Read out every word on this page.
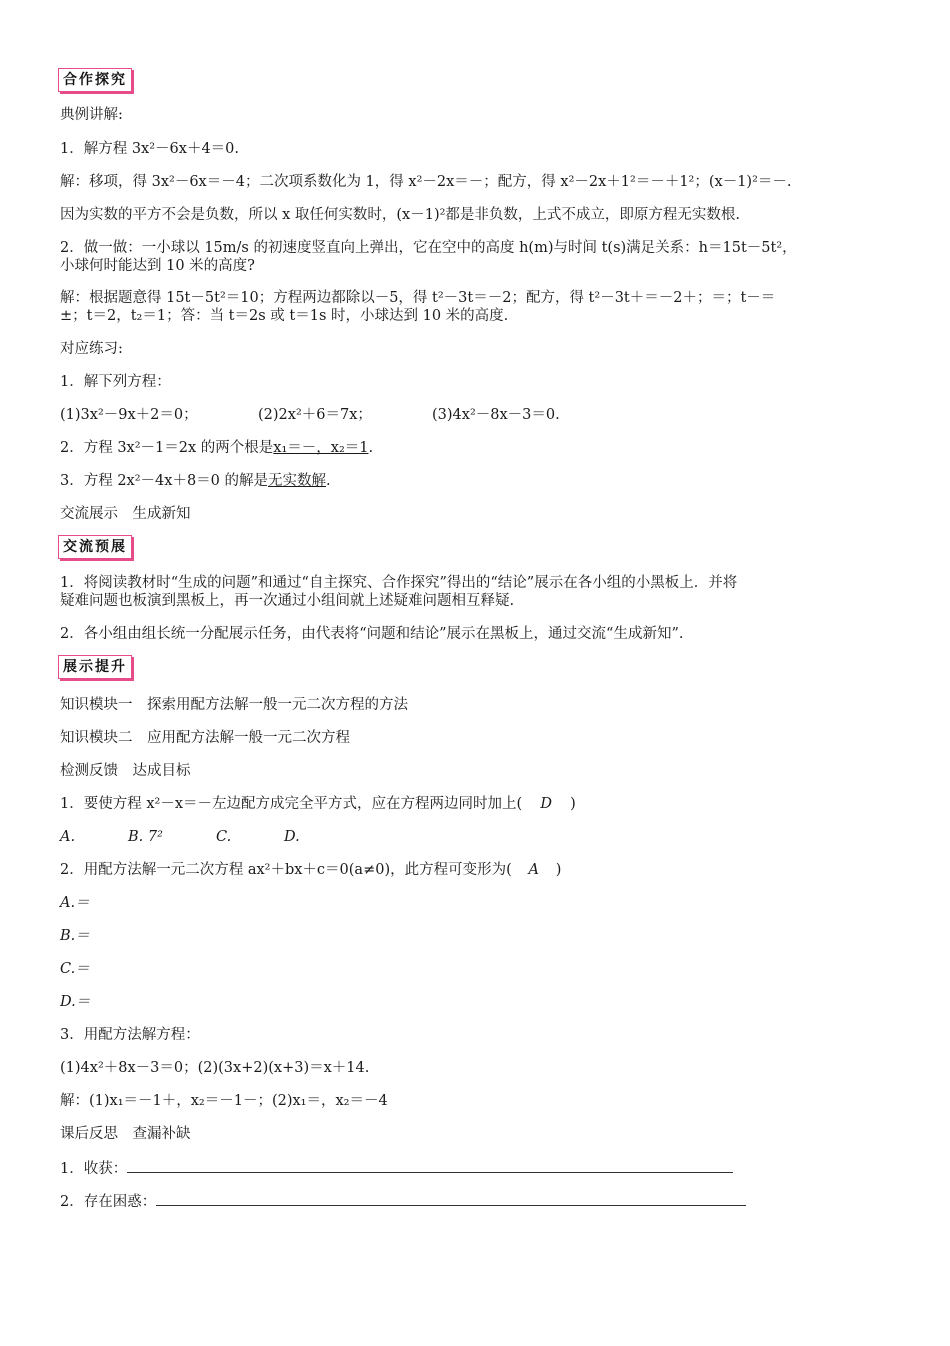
合作探究
典例讲解:
1．解方程 3x²－6x＋4＝0.
解：移项，得 3x²－6x＝－4；二次项系数化为 1，得 x²－2x＝－；配方，得 x²－2x＋1²＝－＋1²；(x－1)²＝－.
因为实数的平方不会是负数，所以 x 取任何实数时，(x－1)²都是非负数，上式不成立，即原方程无实数根.
2．做一做：一小球以 15m/s 的初速度竖直向上弹出，它在空中的高度 h(m)与时间 t(s)满足关系：h＝15t－5t²，
小球何时能达到 10 米的高度?
解：根据题意得 15t－5t²＝10；方程两边都除以－5，得 t²－3t＝－2；配方，得 t²－3t＋＝－2＋；＝；t－＝
±；t＝2，t₂＝1；答：当 t＝2s 或 t＝1s 时，小球达到 10 米的高度.
对应练习:
1．解下列方程：
(1)3x²－9x＋2＝0；	(2)2x²＋6＝7x；	(3)4x²－8x－3＝0.
2．方程 3x²－1＝2x 的两个根是x₁＝－，x₂＝1.
3．方程 2x²－4x＋8＝0 的解是无实数解.
交流展示　生成新知
交流预展
1．将阅读教材时“生成的问题”和通过“自主探究、合作探究”得出的“结论”展示在各小组的小黑板上．并将
疑难问题也板演到黑板上，再一次通过小组间就上述疑难问题相互释疑.
2．各小组由组长统一分配展示任务，由代表将“问题和结论”展示在黑板上，通过交流“生成新知”.
展示提升
知识模块一　探索用配方法解一般一元二次方程的方法
知识模块二　应用配方法解一般一元二次方程
检测反馈　达成目标
1．要使方程 x²－x＝－左边配方成完全平方式，应在方程两边同时加上( D )
A.	B. 7²	C.	D.
2．用配方法解一元二次方程 ax²＋bx＋c＝0(a≠0)，此方程可变形为( A )
A.＝
B.＝
C.＝
D.＝
3．用配方法解方程：
(1)4x²＋8x－3＝0；(2)(3x+2)(x+3)＝x＋14.
解：(1)x₁＝－1＋，x₂＝－1－；(2)x₁＝，x₂＝－4
课后反思　查漏补缺
1．收获：
2．存在困惑：
